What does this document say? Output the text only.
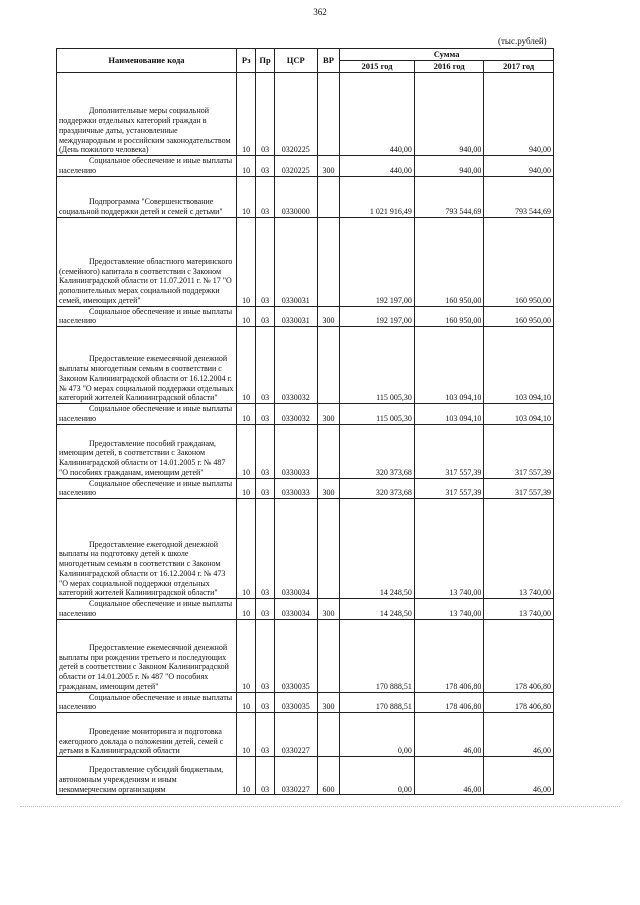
362
(тыс.рублей)
Наименование кода	Рз	Пр	ЦСР	ВР	Сумма		
					2015 год	2016 год	2017 год

Дополнительные меры социальной поддержки отдельных категорий граждан в праздничные даты, установленные международным и российским законодательством (День пожилого человека)	10	03	0320225		440,00	940,00	940,00

Социальное обеспечение и иные выплаты населению	10	03	0320225	300	440,00	940,00	940,00

Подпрограмма "Совершенствование социальной поддержки детей и семей с детьми"	10	03	0330000		1 021 916,49	793 544,69	793 544,69

Предоставление областного материнского (семейного) капитала в соответствии с Законом Калининградской области от 11.07.2011 г. № 17 "О дополнительных мерах социальной поддержки семей, имеющих детей"	10	03	0330031		192 197,00	160 950,00	160 950,00

Социальное обеспечение и иные выплаты населению	10	03	0330031	300	192 197,00	160 950,00	160 950,00

Предоставление ежемесячной денежной выплаты многодетным семьям в соответствии с Законом Калининградской области от 16.12.2004 г. № 473 "О мерах социальной поддержки отдельных категорий жителей Калининградской области"	10	03	0330032		115 005,30	103 094,10	103 094,10

Социальное обеспечение и иные выплаты населению	10	03	0330032	300	115 005,30	103 094,10	103 094,10

Предоставление пособий гражданам, имеющим детей, в соответствии с Законом Калининградской области от 14.01.2005 г. № 487 "О пособиях гражданам, имеющим детей"	10	03	0330033		320 373,68	317 557,39	317 557,39

Социальное обеспечение и иные выплаты населению	10	03	0330033	300	320 373,68	317 557,39	317 557,39

Предоставление ежегодной денежной выплаты на подготовку детей к школе многодетным семьям в соответствии с Законом Калининградской области от 16.12.2004 г. № 473 "О мерах социальной поддержки отдельных категорий жителей Калининградской области"	10	03	0330034		14 248,50	13 740,00	13 740,00

Социальное обеспечение и иные выплаты населению	10	03	0330034	300	14 248,50	13 740,00	13 740,00

Предоставление ежемесячной денежной выплаты при рождении третьего и последующих детей в соответствии с Законом Калининградской области от 14.01.2005 г. № 487 "О пособиях гражданам, имеющим детей"	10	03	0330035		170 888,51	178 406,80	178 406,80

Социальное обеспечение и иные выплаты населению	10	03	0330035	300	170 888,51	178 406,80	178 406,80

Проведение мониторинга и подготовка ежегодного доклада о положении детей, семей с детьми в Калининградской области	10	03	0330227		0,00	46,00	46,00

Предоставление субсидий бюджетным, автономным учреждениям и иным некоммерческим организациям	10	03	0330227	600	0,00	46,00	46,00
